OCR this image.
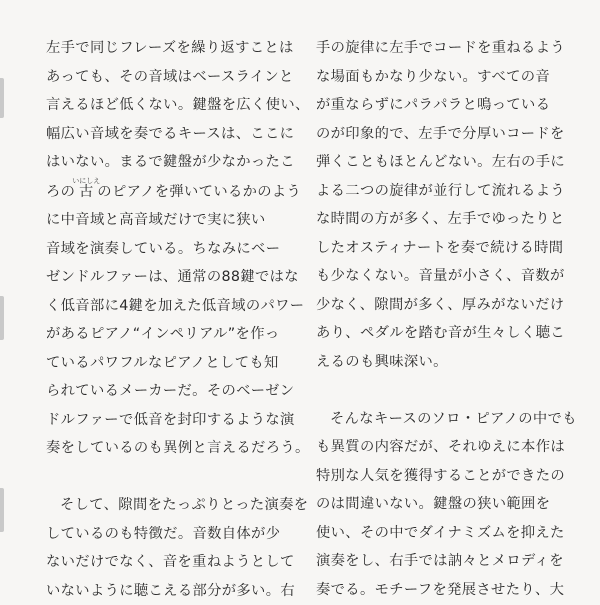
左手で同じフレーズを繰り返すことは
あっても、その音域はベースラインと
言えるほど低くない。鍵盤を広く使い、
幅広い音域を奏でるキースは、ここに
はいない。まるで鍵盤が少なかったこ
ろの古いにしえのピアノを弾いているかのよう
に中音域と高音域だけで実に狭い
音域を演奏している。ちなみにベー
ゼンドルファーは、通常の88鍵ではな
く低音部に4鍵を加えた低音域のパワー
があるピアノ“インペリアル”を作っ
ているパワフルなピアノとしても知
られているメーカーだ。そのベーゼン
ドルファーで低音を封印するような演
奏をしているのも異例と言えるだろう。

そして、隙間をたっぷりとった演奏を
しているのも特徴だ。音数自体が少
ないだけでなく、音を重ねようとして
いないように聴こえる部分が多い。右

手の旋律に左手でコードを重ねるよう
な場面もかなり少ない。すべての音
が重ならずにパラパラと鳴っている
のが印象的で、左手で分厚いコードを
弾くこともほとんどない。左右の手に
よる二つの旋律が並行して流れるよう
な時間の方が多く、左手でゆったりと
したオスティナートを奏で続ける時間
も少なくない。音量が小さく、音数が
少なく、隙間が多く、厚みがないだけ
あり、ペダルを踏む音が生々しく聴こ
えるのも興味深い。

そんなキースのソロ・ピアノの中でも
も異質の内容だが、それゆえに本作は
特別な人気を獲得することができたの
のは間違いない。鍵盤の狭い範囲を
使い、その中でダイナミズムを抑えた
演奏をし、右手では訥々とメロディを
奏でる。モチーフを発展させたり、大
